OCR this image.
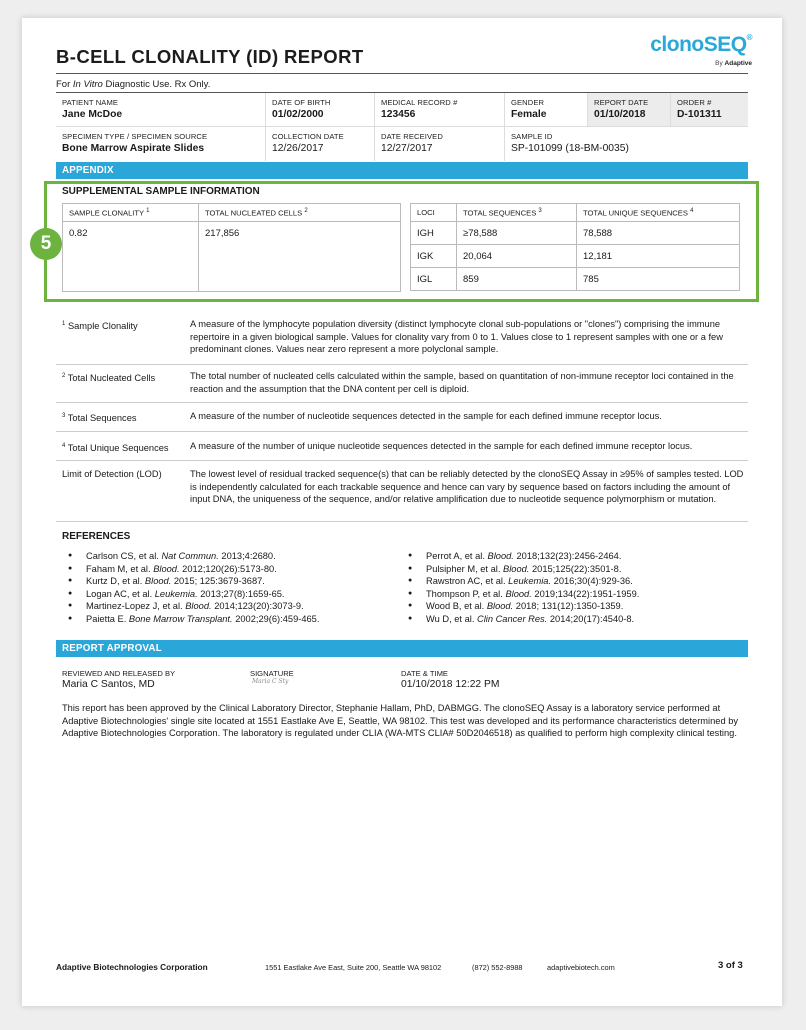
B-CELL CLONALITY (ID) REPORT
clonoSEQ®
By Adaptive
For In Vitro Diagnostic Use. Rx Only.
PATIENT NAME
Jane McDoe
DATE OF BIRTH
01/02/2000
MEDICAL RECORD #
123456
GENDER
Female
REPORT DATE
01/10/2018
ORDER #
D-101311
SPECIMEN TYPE / SPECIMEN SOURCE
Bone Marrow Aspirate Slides
COLLECTION DATE
12/26/2017
DATE RECEIVED
12/27/2017
SAMPLE ID
SP-101099 (18-BM-0035)
APPENDIX
5
SUPPLEMENTAL SAMPLE INFORMATION
SAMPLE CLONALITY $^1$	TOTAL NUCLEATED CELLS $^2$
0.82	217,856
LOCI	TOTAL SEQUENCES $^3$	TOTAL UNIQUE SEQUENCES $^4$
IGH	≥78,588	78,588
IGK	20,064	12,181
IGL	859	785
$^1$ Sample Clonality	A measure of the lymphocyte population diversity (distinct lymphocyte clonal sub-populations or "clones") comprising the immune repertoire in a given biological sample. Values for clonality vary from 0 to 1. Values close to 1 represent samples with one or a few predominant clones. Values near zero represent a more polyclonal sample.
$^2$ Total Nucleated Cells	The total number of nucleated cells calculated within the sample, based on quantitation of non-immune receptor loci contained in the reaction and the assumption that the DNA content per cell is diploid.
$^3$ Total Sequences	A measure of the number of nucleotide sequences detected in the sample for each defined immune receptor locus.
$^4$ Total Unique Sequences	A measure of the number of unique nucleotide sequences detected in the sample for each defined immune receptor locus.
Limit of Detection (LOD)	The lowest level of residual tracked sequence(s) that can be reliably detected by the clonoSEQ Assay in ≥95% of samples tested. LOD is independently calculated for each trackable sequence and hence can vary by sequence based on factors including the amount of input DNA, the uniqueness of the sequence, and/or relative amplification due to nucleotide sequence polymorphism or mutation.
REFERENCES
● Carlson CS, et al. Nat Commun. 2013;4:2680.
● Faham M, et al. Blood. 2012;120(26):5173-80.
● Kurtz D, et al. Blood. 2015; 125:3679-3687.
● Logan AC, et al. Leukemia. 2013;27(8):1659-65.
● Martinez-Lopez J, et al. Blood. 2014;123(20):3073-9.
● Paietta E. Bone Marrow Transplant. 2002;29(6):459-465.
● Perrot A, et al. Blood. 2018;132(23):2456-2464.
● Pulsipher M, et al. Blood. 2015;125(22):3501-8.
● Rawstron AC, et al. Leukemia. 2016;30(4):929-36.
● Thompson P, et al. Blood. 2019;134(22):1951-1959.
● Wood B, et al. Blood. 2018; 131(12):1350-1359.
● Wu D, et al. Clin Cancer Res. 2014;20(17):4540-8.
REPORT APPROVAL
REVIEWED AND RELEASED BY
Maria C Santos, MD
SIGNATURE
Maria C Sty
DATE & TIME
01/10/2018 12:22 PM
This report has been approved by the Clinical Laboratory Director, Stephanie Hallam, PhD, DABMGG. The clonoSEQ Assay is a laboratory service performed at Adaptive Biotechnologies' single site located at 1551 Eastlake Ave E, Seattle, WA 98102. This test was developed and its performance characteristics determined by Adaptive Biotechnologies Corporation. The laboratory is regulated under CLIA (WA-MTS CLIA# 50D2046518) as qualified to perform high complexity clinical testing.
Adaptive Biotechnologies Corporation	1551 Eastlake Ave East, Suite 200, Seattle WA 98102	(872) 552-8988	adaptivebiotech.com	3 of 3
